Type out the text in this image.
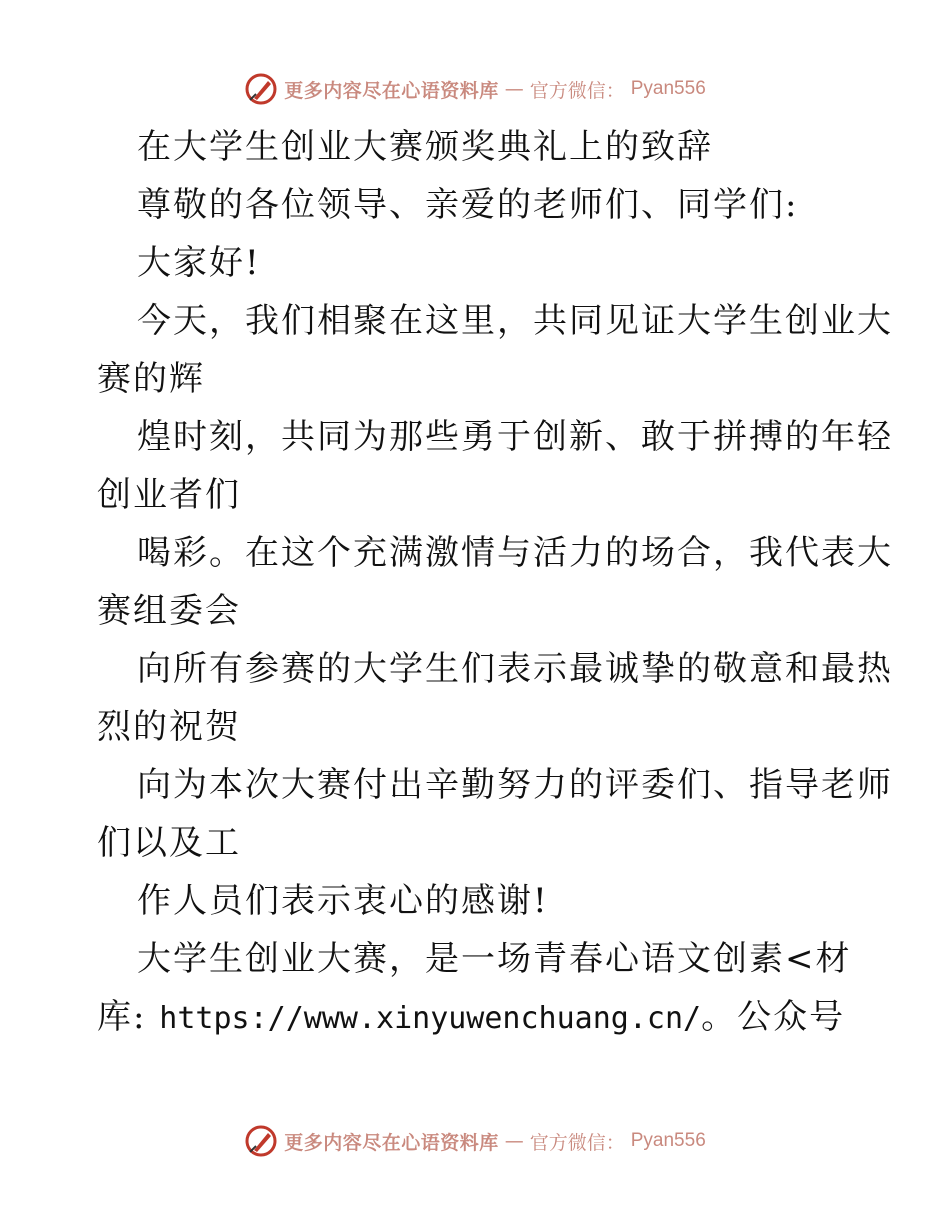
更多内容尽在心语资料库 — 官方微信： Pyan556
在大学生创业大赛颁奖典礼上的致辞
尊敬的各位领导、亲爱的老师们、同学们:
大家好!
今天，我们相聚在这里，共同见证大学生创业大
赛的辉
煌时刻，共同为那些勇于创新、敢于拼搏的年轻
创业者们
喝彩。在这个充满激情与活力的场合，我代表大
赛组委会
向所有参赛的大学生们表示最诚挚的敬意和最热
烈的祝贺
向为本次大赛付出辛勤努力的评委们、指导老师
们以及工
作人员们表示衷心的感谢!
大学生创业大赛，是一场青春心语文创素<材
库: https://www.xinyuwenchuang.cn/。公众号
更多内容尽在心语资料库 — 官方微信： Pyan556
